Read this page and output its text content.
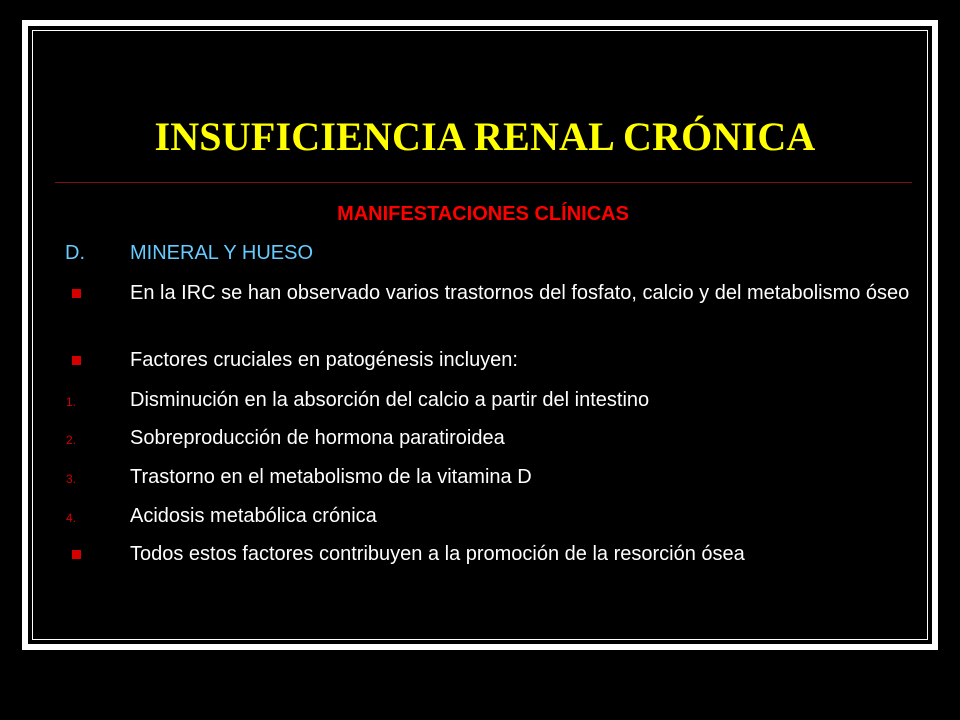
INSUFICIENCIA RENAL CRÓNICA
MANIFESTACIONES CLÍNICAS
D. MINERAL Y HUESO
En la IRC se han observado varios trastornos del fosfato, calcio y del metabolismo óseo
Factores cruciales en patogénesis incluyen:
1.	Disminución en la absorción del calcio a partir del intestino
2.	Sobreproducción de hormona paratiroidea
3.	Trastorno en el metabolismo de la vitamina D
4.	Acidosis metabólica crónica
Todos estos factores contribuyen a la promoción de la resorción ósea
